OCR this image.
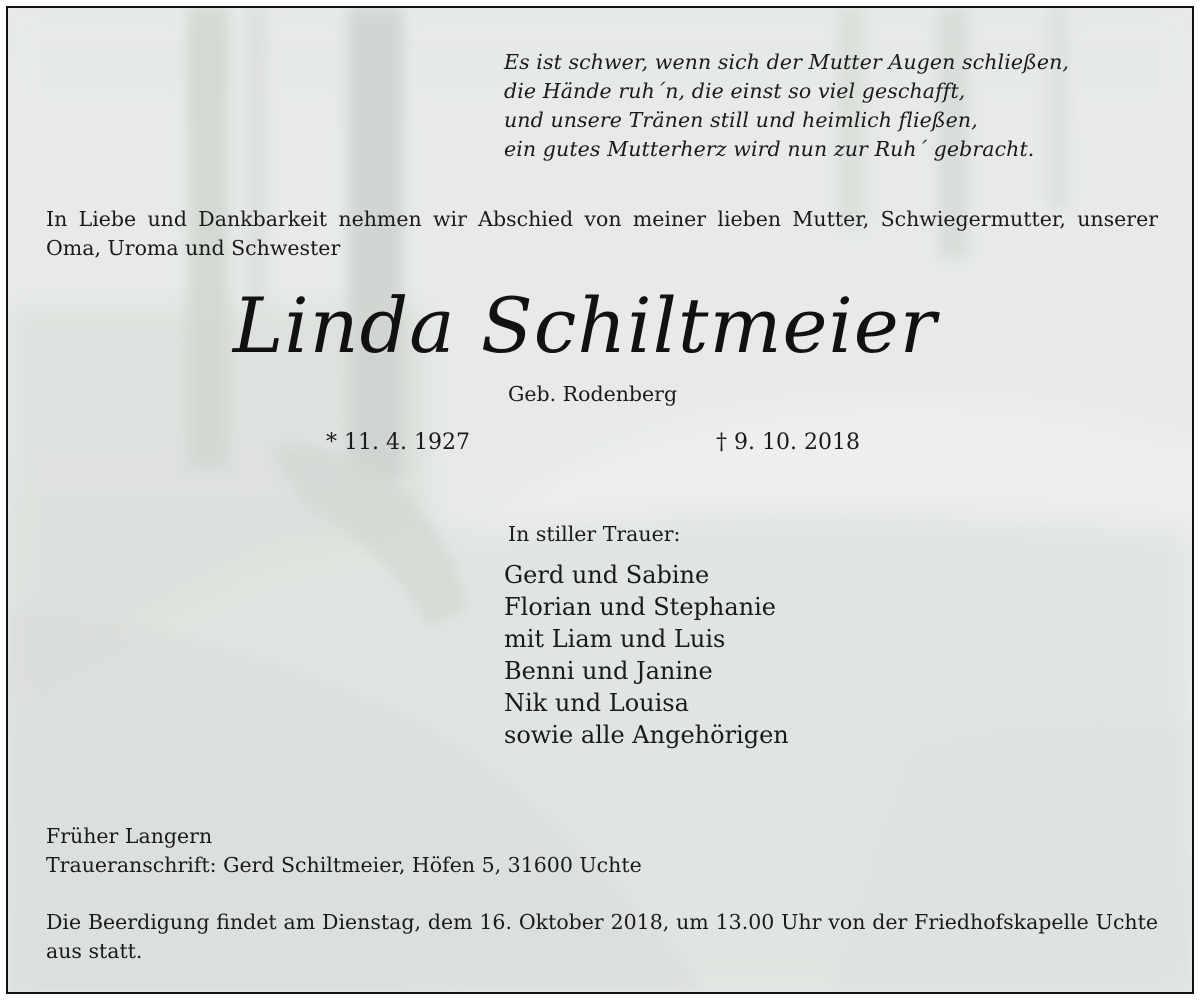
Es ist schwer, wenn sich der Mutter Augen schließen,
die Hände ruh´n, die einst so viel geschafft,
und unsere Tränen still und heimlich fließen,
ein gutes Mutterherz wird nun zur Ruh´ gebracht.
In Liebe und Dankbarkeit nehmen wir Abschied von meiner lieben Mutter, Schwiegermutter, unserer Oma, Uroma und Schwester
Linda Schiltmeier
Geb. Rodenberg
* 11. 4. 1927	† 9. 10. 2018
In stiller Trauer:
Gerd und Sabine
Florian und Stephanie
mit Liam und Luis
Benni und Janine
Nik und Louisa
sowie alle Angehörigen
Früher Langern
Traueranschrift: Gerd Schiltmeier, Höfen 5, 31600 Uchte
Die Beerdigung findet am Dienstag, dem 16. Oktober 2018, um 13.00 Uhr von der Friedhofskapelle Uchte aus statt.
